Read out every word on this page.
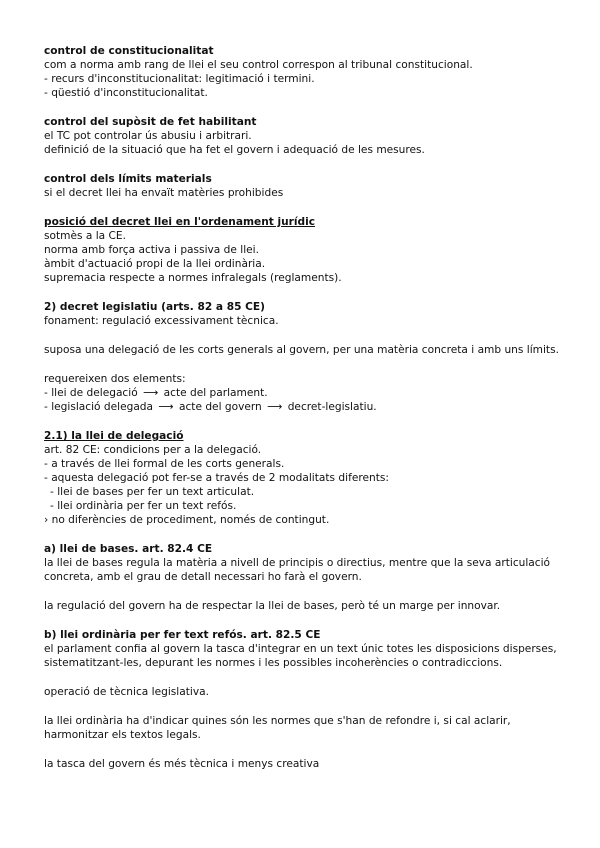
control de constitucionalitat
com a norma amb rang de llei el seu control correspon al tribunal constitucional.
- recurs d'inconstitucionalitat: legitimació i termini.
- qüestió d'inconstitucionalitat.
control del supòsit de fet habilitant
el TC pot controlar ús abusiu i arbitrari.
definició de la situació que ha fet el govern i adequació de les mesures.
control dels límits materials
si el decret llei ha envaït matèries prohibides
posició del decret llei en l'ordenament jurídic
sotmès a la CE.
norma amb força activa i passiva de llei.
àmbit d'actuació propi de la llei ordinària.
supremacia respecte a normes infralegals (reglaments).
2) decret legislatiu (arts. 82 a 85 CE)
fonament: regulació excessivament tècnica.
suposa una delegació de les corts generals al govern, per una matèria concreta i amb uns límits.
requereixen dos elements:
- llei de delegació ⟶ acte del parlament.
- legislació delegada ⟶ acte del govern ⟶ decret-legislatiu.
2.1) la llei de delegació
art. 82 CE: condicions per a la delegació.
- a través de llei formal de les corts generals.
- aquesta delegació pot fer-se a través de 2 modalitats diferents:
- llei de bases per fer un text articulat.
- llei ordinària per fer un text refós.
› no diferències de procediment, només de contingut.
a) llei de bases. art. 82.4 CE
la llei de bases regula la matèria a nivell de principis o directius, mentre que la seva articulació concreta, amb el grau de detall necessari ho farà el govern.
la regulació del govern ha de respectar la llei de bases, però té un marge per innovar.
b) llei ordinària per fer text refós. art. 82.5 CE
el parlament confia al govern la tasca d'integrar en un text únic totes les disposicions disperses, sistematitzant-les, depurant les normes i les possibles incoherències o contradiccions.
operació de tècnica legislativa.
la llei ordinària ha d'indicar quines són les normes que s'han de refondre i, si cal aclarir, harmonitzar els textos legals.
la tasca del govern és més tècnica i menys creativa
